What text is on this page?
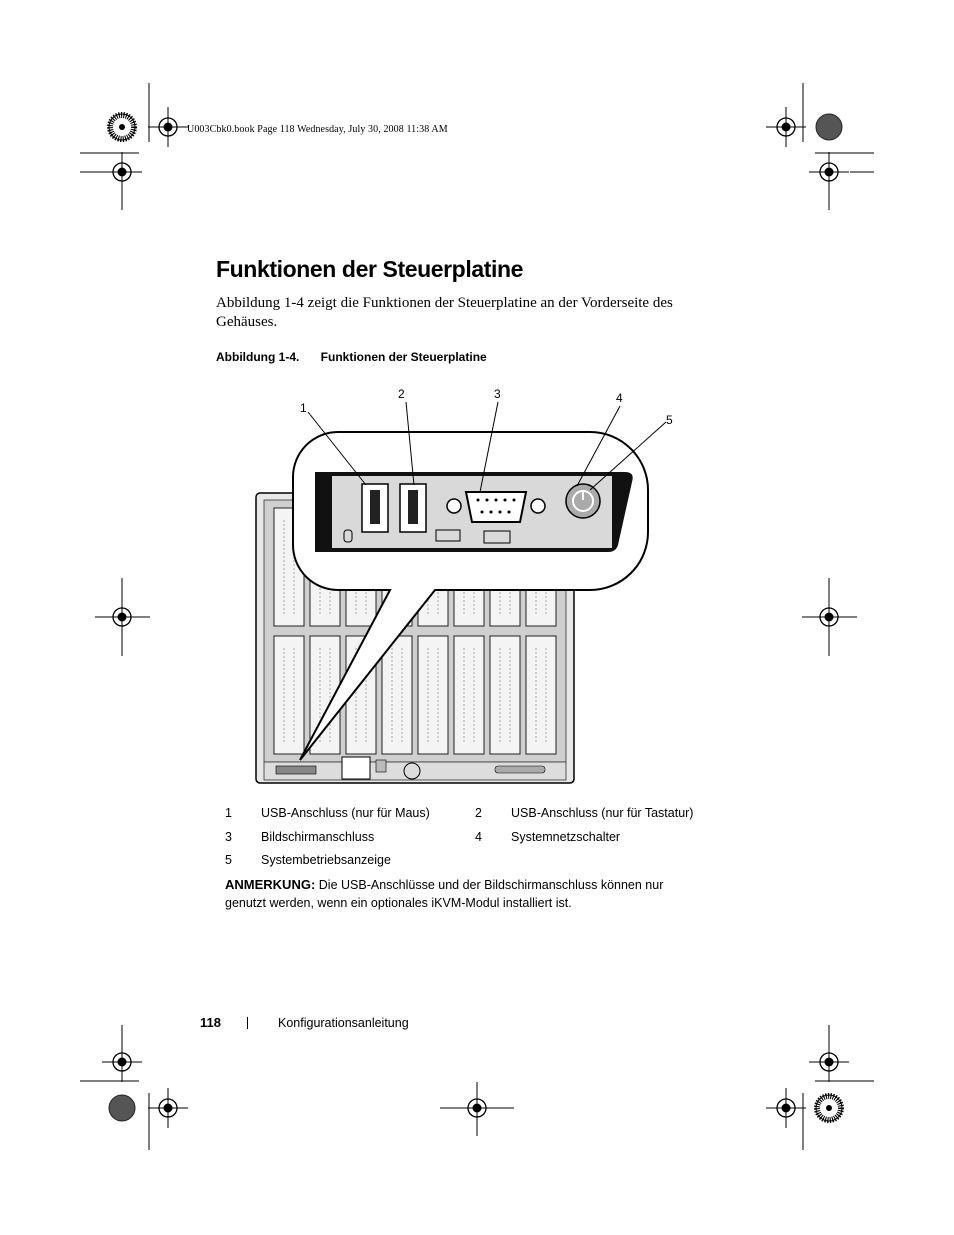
U003Cbk0.book Page 118 Wednesday, July 30, 2008 11:38 AM
Funktionen der Steuerplatine
Abbildung 1-4 zeigt die Funktionen der Steuerplatine an der Vorderseite des Gehäuses.
Abbildung 1-4. Funktionen der Steuerplatine
1
2	3	4
5
1 USB-Anschluss (nur für Maus)	2 USB-Anschluss (nur für Tastatur)
3 Bildschirmanschluss	4 Systemnetzschalter
5 Systembetriebsanzeige
ANMERKUNG: Die USB-Anschlüsse und der Bildschirmanschluss können nur genutzt werden, wenn ein optionales iKVM-Modul installiert ist.
118	Konfigurationsanleitung
